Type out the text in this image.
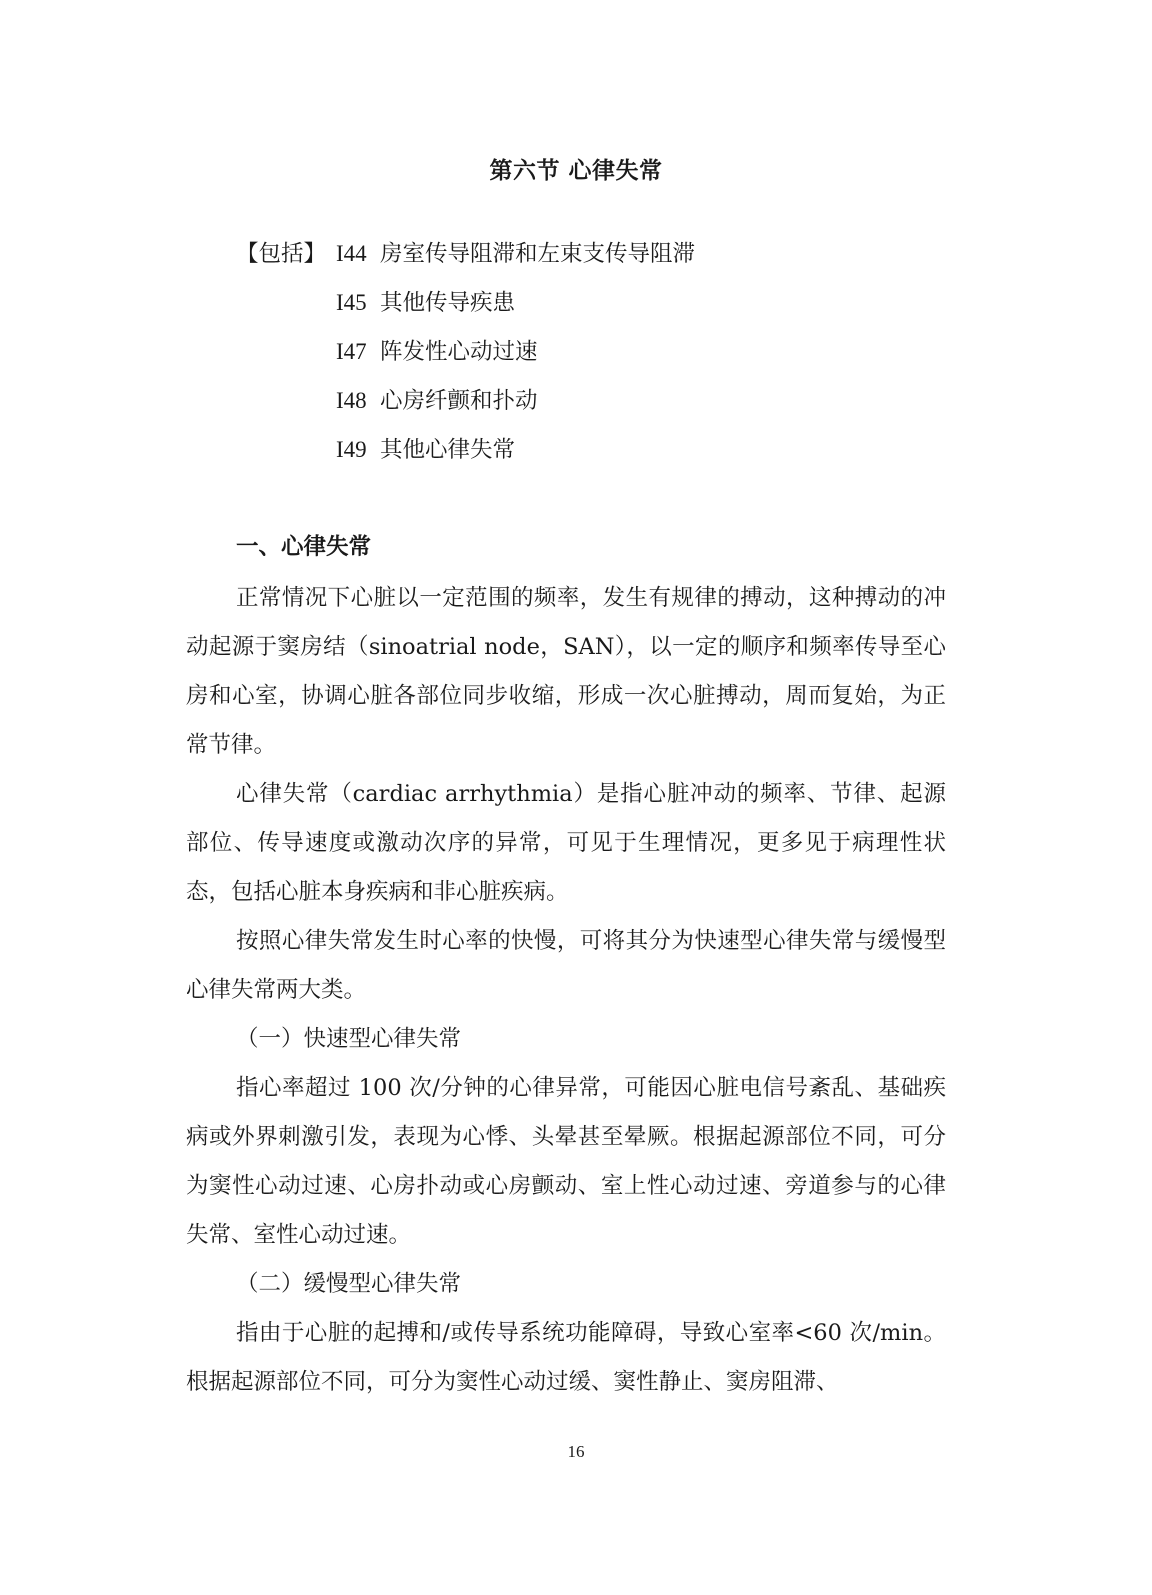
第六节 心律失常
【包括】 I44 房室传导阻滞和左束支传导阻滞
I45 其他传导疾患
I47 阵发性心动过速
I48 心房纤颤和扑动
I49 其他心律失常
一、心律失常

正常情况下心脏以一定范围的频率，发生有规律的搏动，这种搏动的冲动起源于窦房结（sinoatrial node，SAN），以一定的顺序和频率传导至心房和心室，协调心脏各部位同步收缩，形成一次心脏搏动，周而复始，为正常节律。

心律失常（cardiac arrhythmia）是指心脏冲动的频率、节律、起源部位、传导速度或激动次序的异常，可见于生理情况，更多见于病理性状态，包括心脏本身疾病和非心脏疾病。

按照心律失常发生时心率的快慢，可将其分为快速型心律失常与缓慢型心律失常两大类。

（一）快速型心律失常

指心率超过 100 次/分钟的心律异常，可能因心脏电信号紊乱、基础疾病或外界刺激引发，表现为心悸、头晕甚至晕厥。根据起源部位不同，可分为窦性心动过速、心房扑动或心房颤动、室上性心动过速、旁道参与的心律失常、室性心动过速。

（二）缓慢型心律失常

指由于心脏的起搏和/或传导系统功能障碍，导致心室率<60 次/min。根据起源部位不同，可分为窦性心动过缓、窦性静止、窦房阻滞、

16
